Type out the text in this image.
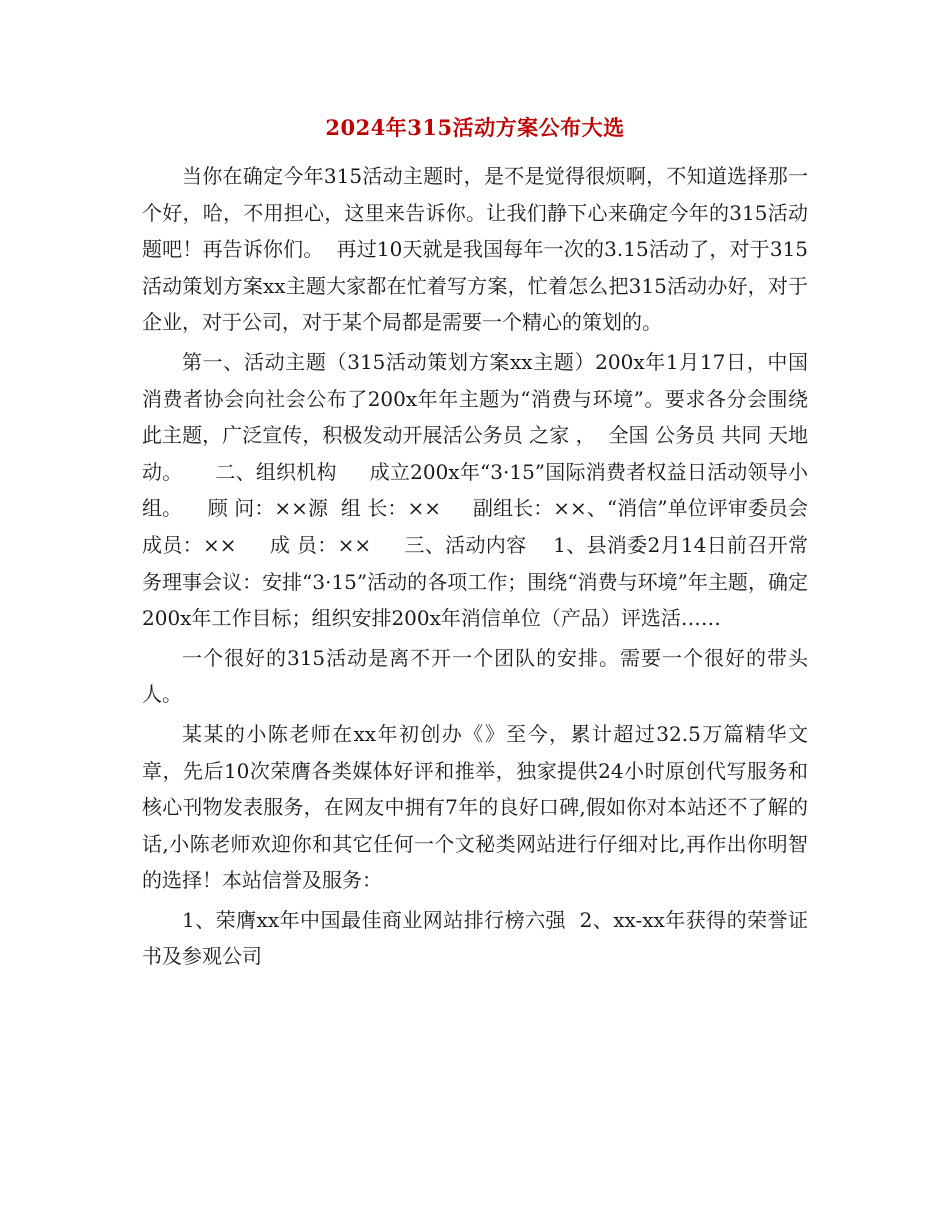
2024年315活动方案公布大选

当你在确定今年315活动主题时，是不是觉得很烦啊，不知道选择那一个好，哈，不用担心，这里来告诉你。让我们静下心来确定今年的315活动题吧！再告诉你们。  再过10天就是我国每年一次的3.15活动了，对于315活动策划方案xx主题大家都在忙着写方案，忙着怎么把315活动办好，对于企业，对于公司，对于某个局都是需要一个精心的策划的。

第一、活动主题（315活动策划方案xx主题）200x年1月17日，中国消费者协会向社会公布了200x年年主题为“消费与环境”。要求各分会围绕此主题，广泛宣传，积极发动开展活公务员 之家 ，  全国 公务员 共同 天地 动。     二、组织机构     成立200x年“3·15”国际消费者权益日活动领导小组。    顾 问：××源  组 长：××     副组长：××、“消信”单位评审委员会成员：××     成 员：××     三、活动内容    1、县消委2月14日前召开常务理事会议：安排“3·15”活动的各项工作；围绕“消费与环境”年主题，确定200x年工作目标；组织安排200x年消信单位（产品）评选活……

一个很好的315活动是离不开一个团队的安排。需要一个很好的带头人。

某某的小陈老师在xx年初创办《》至今，累计超过32.5万篇精华文章，先后10次荣膺各类媒体好评和推举，独家提供24小时原创代写服务和核心刊物发表服务，在网友中拥有7年的良好口碑,假如你对本站还不了解的话,小陈老师欢迎你和其它任何一个文秘类网站进行仔细对比,再作出你明智的选择！本站信誉及服务：

1、荣膺xx年中国最佳商业网站排行榜六强  2、xx-xx年获得的荣誉证书及参观公司
